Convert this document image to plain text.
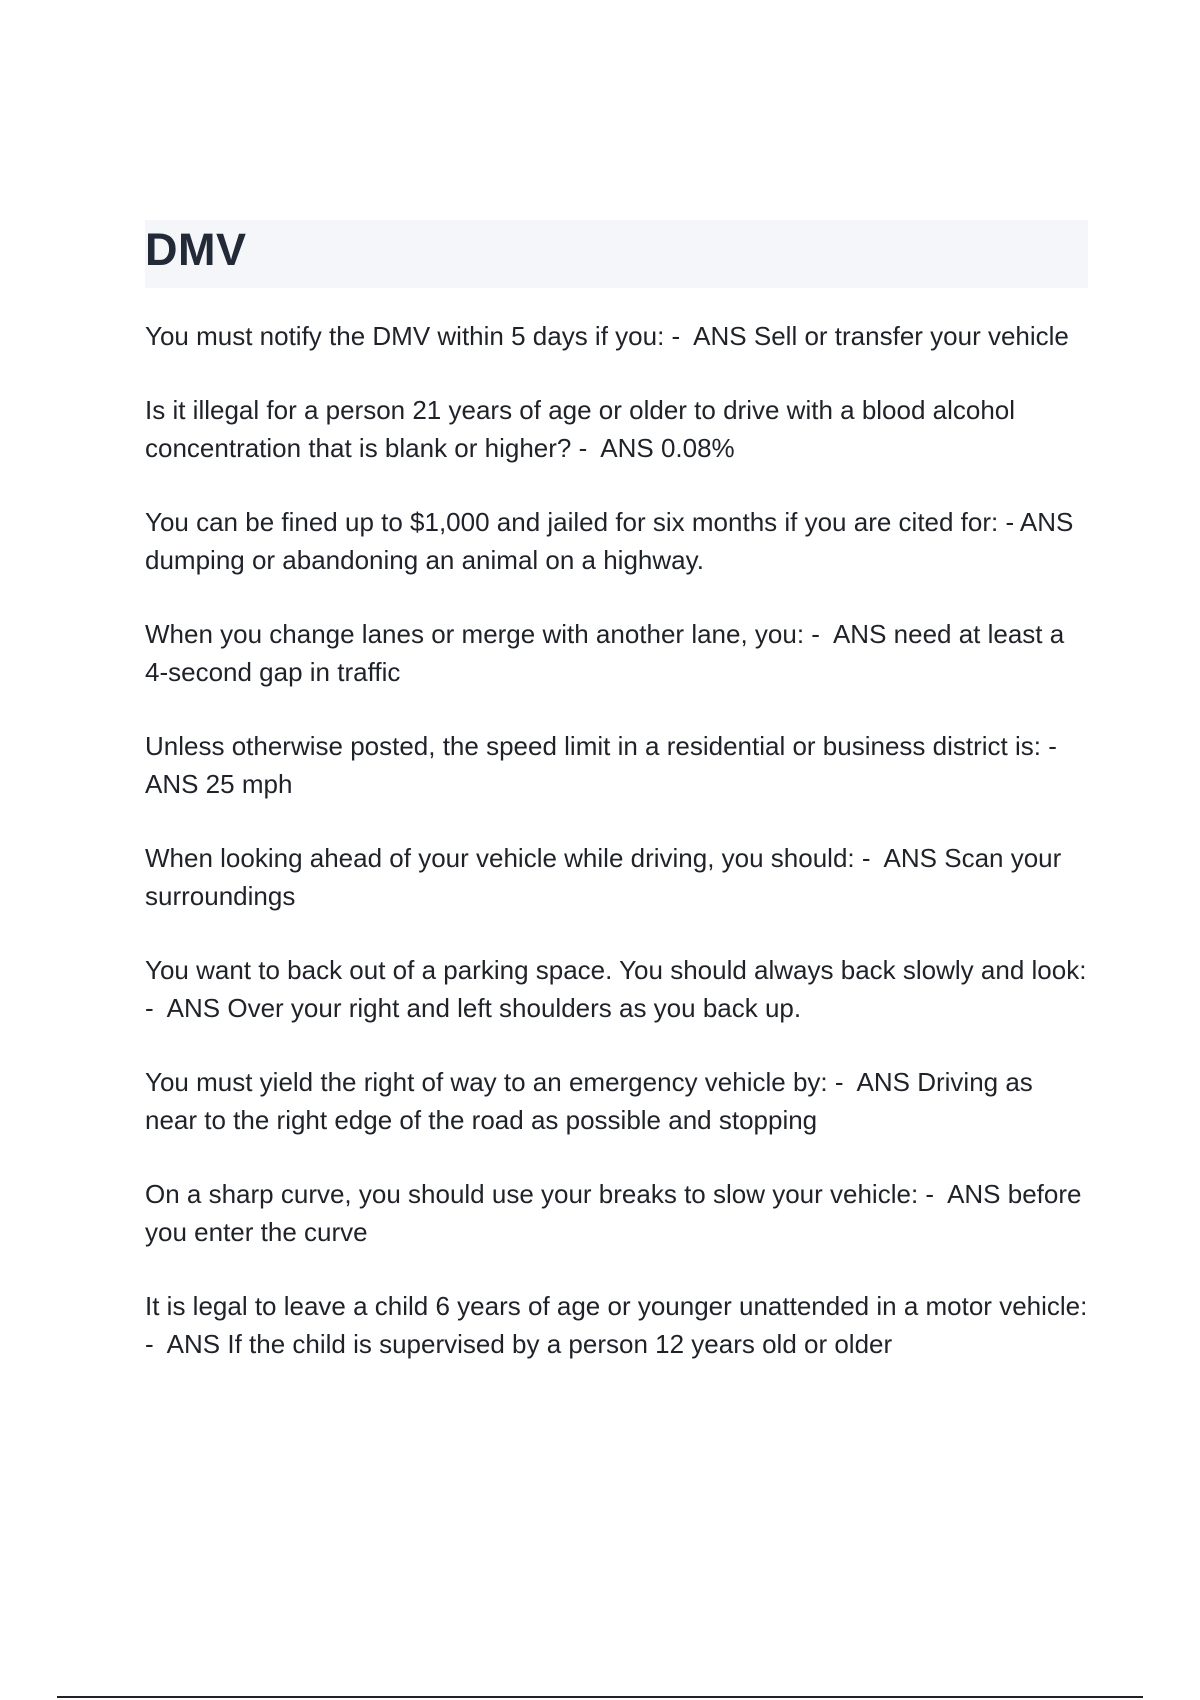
DMV
You must notify the DMV within 5 days if you: -  ANS Sell or transfer your vehicle
Is it illegal for a person 21 years of age or older to drive with a blood alcohol concentration that is blank or higher? -  ANS 0.08%
You can be fined up to $1,000 and jailed for six months if you are cited for: - ANS dumping or abandoning an animal on a highway.
When you change lanes or merge with another lane, you: -  ANS need at least a 4-second gap in traffic
Unless otherwise posted, the speed limit in a residential or business district is: -  ANS 25 mph
When looking ahead of your vehicle while driving, you should: -  ANS Scan your surroundings
You want to back out of a parking space. You should always back slowly and look: -  ANS Over your right and left shoulders as you back up.
You must yield the right of way to an emergency vehicle by: -  ANS Driving as near to the right edge of the road as possible and stopping
On a sharp curve, you should use your breaks to slow your vehicle: -  ANS before you enter the curve
It is legal to leave a child 6 years of age or younger unattended in a motor vehicle: -  ANS If the child is supervised by a person 12 years old or older
